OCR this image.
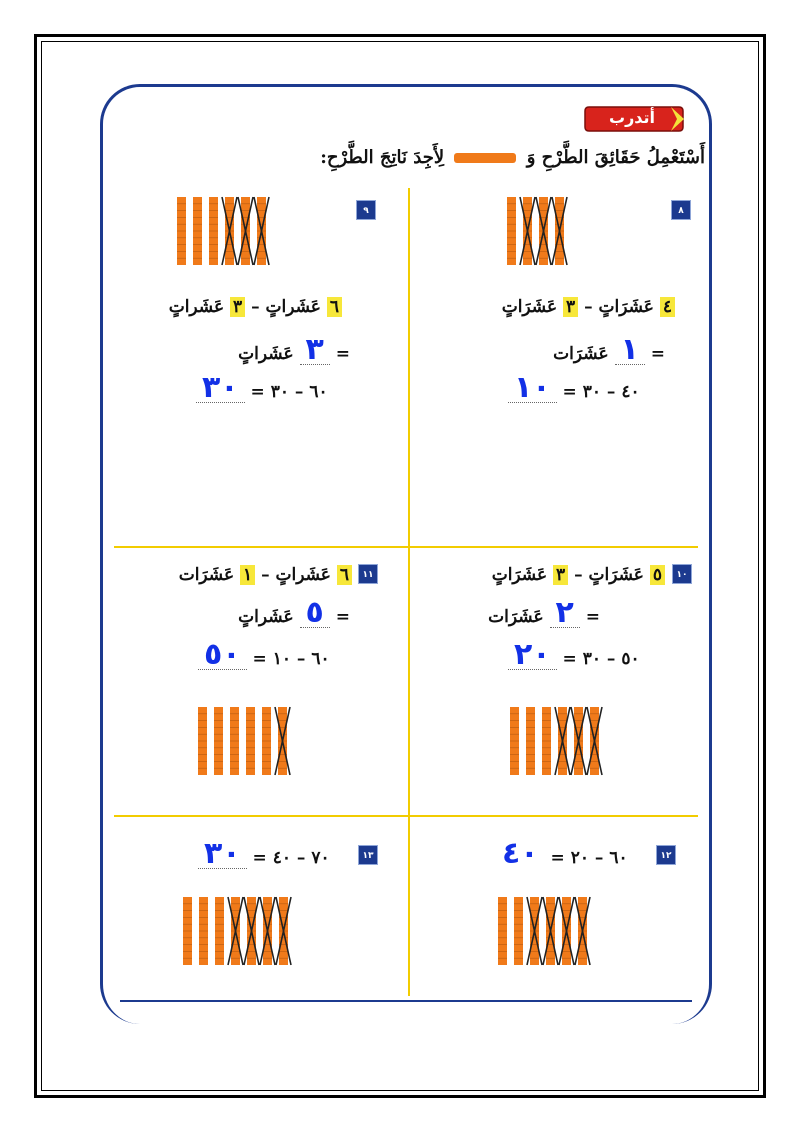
أتدرب
أَسْتَعْمِلُ حَقَائِقَ الطَّرْحِ وَ  لِأَجِدَ نَاتِجَ الطَّرْحِ:
٨
٩
١٠
١١
١٢
١٣
٤ عَشَرَاتٍ – ٣ عَشَرَاتٍ
= ١ عَشَرَات
١٠ ٤٠ – ٣٠ =
٦ عَشَراتٍ – ٣ عَشَراتٍ
= ٣ عَشَراتٍ
٣٠ ٦٠ – ٣٠ =
٥ عَشَرَاتٍ – ٣ عَشَرَاتٍ
= ٢ عَشَرَات
٢٠ ٥٠ – ٣٠ =
٦ عَشَراتٍ – ١ عَشَرَات
= ٥ عَشَراتٍ
٥٠ ٦٠ – ١٠ =
٤٠ ٦٠ – ٢٠ =
٣٠ ٧٠ – ٤٠ =
